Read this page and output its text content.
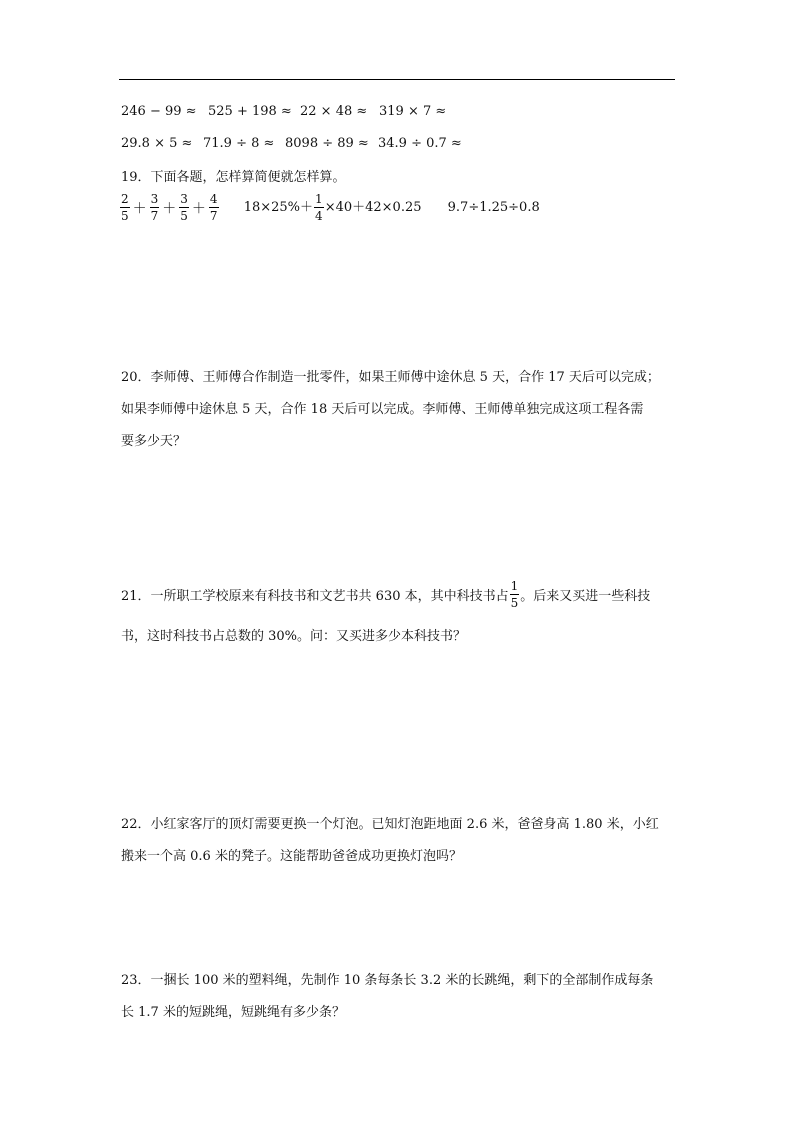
246 − 99 ≈ 525 + 198 ≈ 22 × 48 ≈ 319 × 7 ≈
29.8 × 5 ≈ 71.9 ÷ 8 ≈ 8098 ÷ 89 ≈ 34.9 ÷ 0.7 ≈
19．下面各题，怎样算简便就怎样算。
$\frac{2}{5} + \frac{3}{7} + \frac{3}{5} + \frac{4}{7} 18\times 25\%+ \frac{1}{4} \times 40+42\times 0.25$ 9.7÷1.25÷0.8
20．李师傅、王师傅合作制造一批零件，如果王师傅中途休息 5 天，合作 17 天后可以完成；
如果李师傅中途休息 5 天，合作 18 天后可以完成。李师傅、王师傅单独完成这项工程各需
要多少天？
21．一所职工学校原来有科技书和文艺书共 630 本，其中科技书占 $\frac{1}{5}$ 。后来又买进一些科技
书，这时科技书占总数的 30%。问：又买进多少本科技书？
22．小红家客厅的顶灯需要更换一个灯泡。已知灯泡距地面 2.6 米，爸爸身高 1.80 米，小红
搬来一个高 0.6 米的凳子。这能帮助爸爸成功更换灯泡吗？
23．一捆长 100 米的塑料绳，先制作 10 条每条长 3.2 米的长跳绳，剩下的全部制作成每条
长 1.7 米的短跳绳，短跳绳有多少条？
